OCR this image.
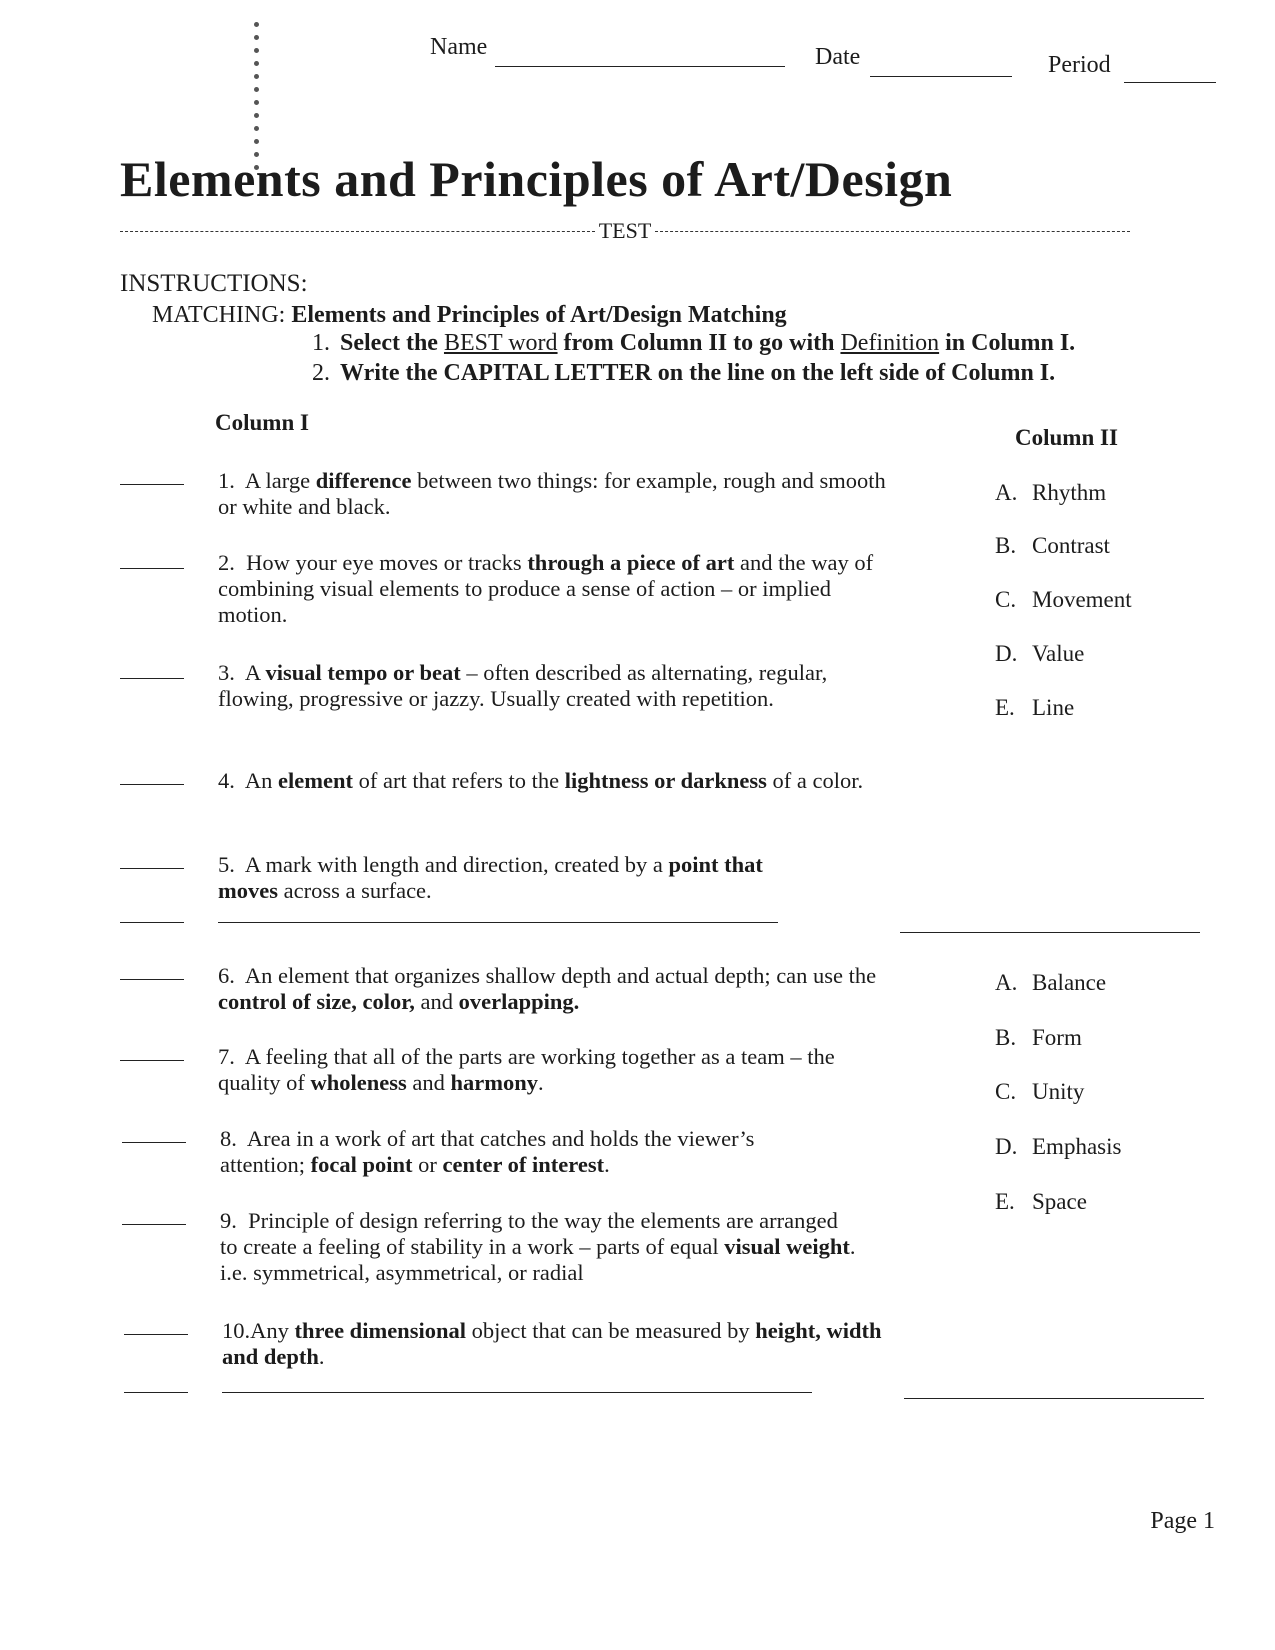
Name	Date	Period
Elements and Principles of Art/Design
TEST
INSTRUCTIONS:
MATCHING: Elements and Principles of Art/Design Matching
1. Select the BEST word from Column II to go with Definition in Column I.
2. Write the CAPITAL LETTER on the line on the left side of Column I.
Column I
Column II
1. A large difference between two things: for example, rough and smooth or white and black.
2. How your eye moves or tracks through a piece of art and the way of combining visual elements to produce a sense of action – or implied motion.
3. A visual tempo or beat – often described as alternating, regular, flowing, progressive or jazzy. Usually created with repetition.
4. An element of art that refers to the lightness or darkness of a color.
5. A mark with length and direction, created by a point that moves across a surface.
A. Rhythm
B. Contrast
C. Movement
D. Value
E. Line
6. An element that organizes shallow depth and actual depth; can use the control of size, color, and overlapping.
7. A feeling that all of the parts are working together as a team – the quality of wholeness and harmony.
8. Area in a work of art that catches and holds the viewer’s attention; focal point or center of interest.
9. Principle of design referring to the way the elements are arranged to create a feeling of stability in a work – parts of equal visual weight. i.e. symmetrical, asymmetrical, or radial
10.Any three dimensional object that can be measured by height, width and depth.
A. Balance
B. Form
C. Unity
D. Emphasis
E. Space
Page 1
